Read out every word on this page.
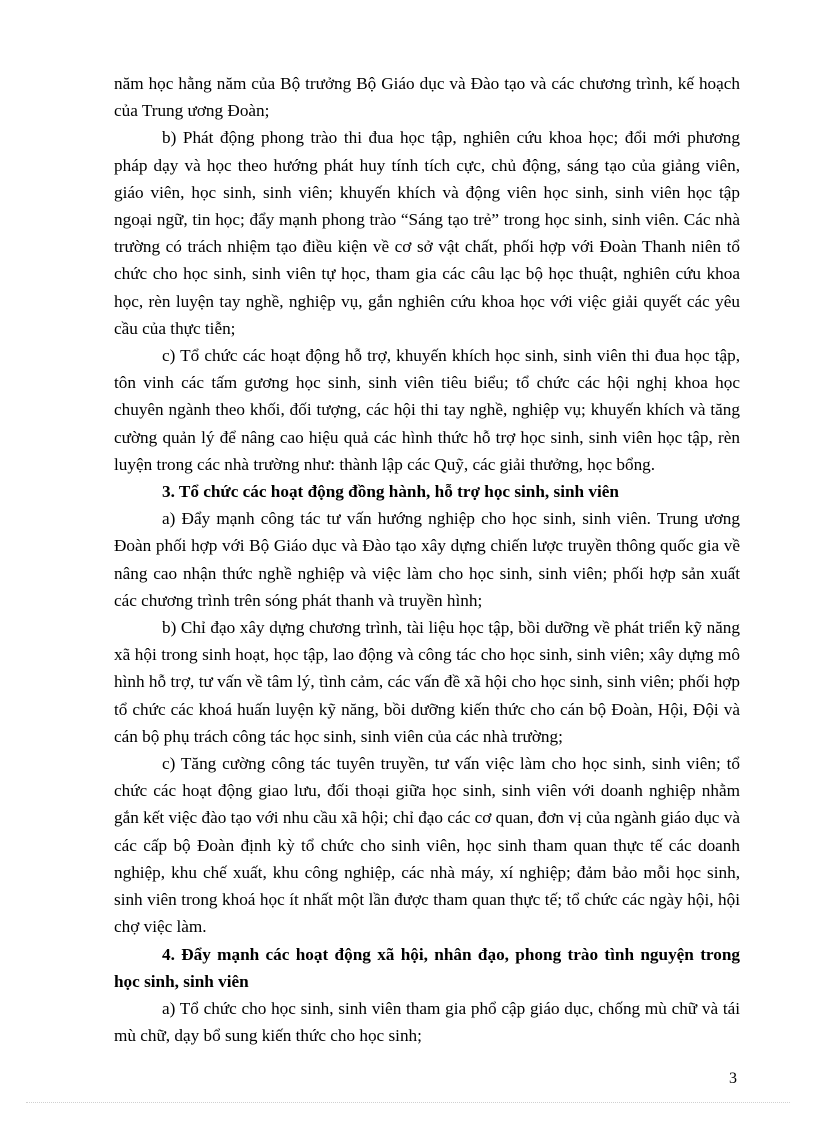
năm học hằng năm của Bộ trưởng Bộ Giáo dục và Đào tạo và các chương trình, kế hoạch của Trung ương Đoàn;

b) Phát động phong trào thi đua học tập, nghiên cứu khoa học; đổi mới phương pháp dạy và học theo hướng phát huy tính tích cực, chủ động, sáng tạo của giảng viên, giáo viên, học sinh, sinh viên; khuyến khích và động viên học sinh, sinh viên học tập ngoại ngữ, tin học; đẩy mạnh phong trào “Sáng tạo trẻ” trong học sinh, sinh viên. Các nhà trường có trách nhiệm tạo điều kiện về cơ sở vật chất, phối hợp với Đoàn Thanh niên tổ chức cho học sinh, sinh viên tự học, tham gia các câu lạc bộ học thuật, nghiên cứu khoa học, rèn luyện tay nghề, nghiệp vụ, gắn nghiên cứu khoa học với việc giải quyết các yêu cầu của thực tiễn;

c) Tổ chức các hoạt động hỗ trợ, khuyến khích học sinh, sinh viên thi đua học tập, tôn vinh các tấm gương học sinh, sinh viên tiêu biểu; tổ chức các hội nghị khoa học chuyên ngành theo khối, đối tượng, các hội thi tay nghề, nghiệp vụ; khuyến khích và tăng cường quản lý để nâng cao hiệu quả các hình thức hỗ trợ học sinh, sinh viên học tập, rèn luyện trong các nhà trường như: thành lập các Quỹ, các giải thưởng, học bổng.

3. Tổ chức các hoạt động đồng hành, hỗ trợ học sinh, sinh viên

a) Đẩy mạnh công tác tư vấn hướng nghiệp cho học sinh, sinh viên. Trung ương Đoàn phối hợp với Bộ Giáo dục và Đào tạo xây dựng chiến lược truyền thông quốc gia về nâng cao nhận thức nghề nghiệp và việc làm cho học sinh, sinh viên; phối hợp sản xuất các chương trình trên sóng phát thanh và truyền hình;

b) Chỉ đạo xây dựng chương trình, tài liệu học tập, bồi dưỡng về phát triển kỹ năng xã hội trong sinh hoạt, học tập, lao động và công tác cho học sinh, sinh viên; xây dựng mô hình hỗ trợ, tư vấn về tâm lý, tình cảm, các vấn đề xã hội cho học sinh, sinh viên; phối hợp tổ chức các khoá huấn luyện kỹ năng, bồi dưỡng kiến thức cho cán bộ Đoàn, Hội, Đội và cán bộ phụ trách công tác học sinh, sinh viên của các nhà trường;

c) Tăng cường công tác tuyên truyền, tư vấn việc làm cho học sinh, sinh viên; tổ chức các hoạt động giao lưu, đối thoại giữa học sinh, sinh viên với doanh nghiệp nhằm gắn kết việc đào tạo với nhu cầu xã hội; chỉ đạo các cơ quan, đơn vị của ngành giáo dục và các cấp bộ Đoàn định kỳ tổ chức cho sinh viên, học sinh tham quan thực tế các doanh nghiệp, khu chế xuất, khu công nghiệp, các nhà máy, xí nghiệp; đảm bảo mỗi học sinh, sinh viên trong khoá học ít nhất một lần được tham quan thực tế; tổ chức các ngày hội, hội chợ việc làm.

4. Đẩy mạnh các hoạt động xã hội, nhân đạo, phong trào tình nguyện trong học sinh, sinh viên

a) Tổ chức cho học sinh, sinh viên tham gia phổ cập giáo dục, chống mù chữ và tái mù chữ, dạy bổ sung kiến thức cho học sinh;

3
